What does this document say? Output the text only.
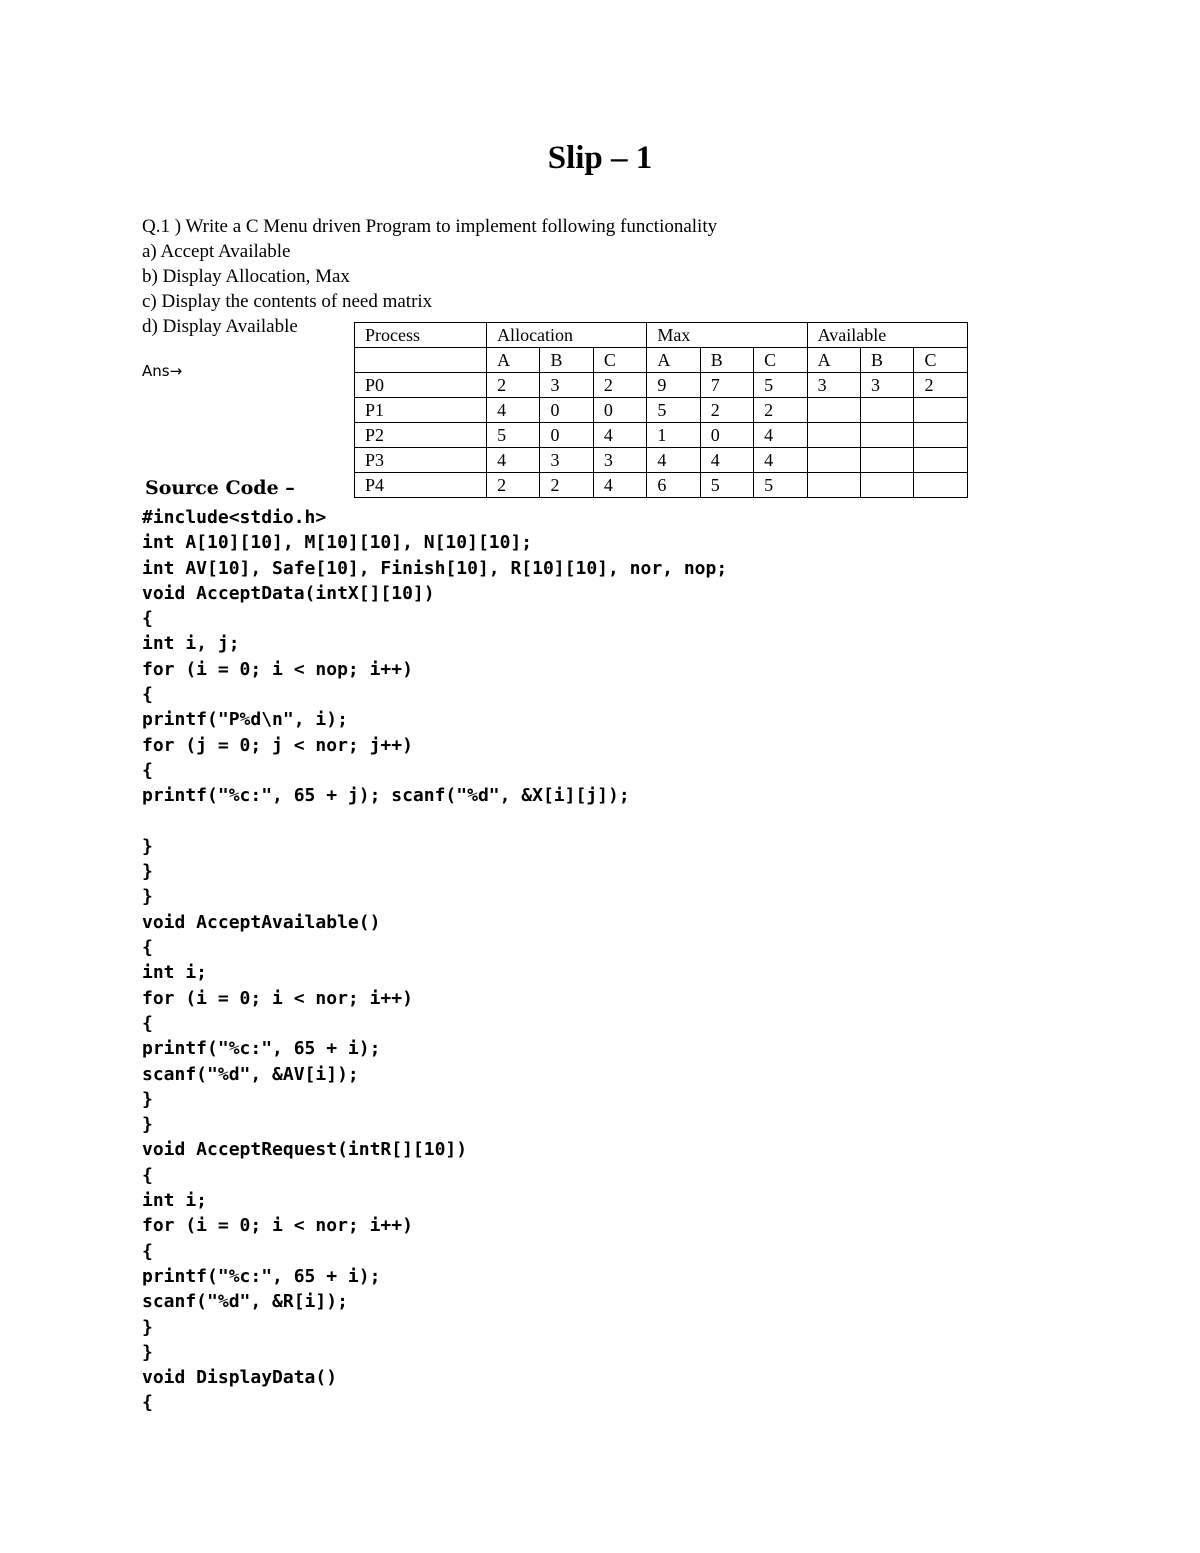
Slip – 1
Q.1 ) Write a C Menu driven Program to implement following functionality
a) Accept Available
b) Display Allocation, Max
c) Display the contents of need matrix
d) Display Available
Ans→
Process	Allocation			Max			Available		
	A	B	C	A	B	C	A	B	C
P0	2	3	2	9	7	5	3	3	2
P1	4	0	0	5	2	2			
P2	5	0	4	1	0	4			
P3	4	3	3	4	4	4			
P4	2	2	4	6	5	5			
Source Code –
#include<stdio.h>
int A[10][10], M[10][10], N[10][10];
int AV[10], Safe[10], Finish[10], R[10][10], nor, nop;
void AcceptData(intX[][10])
{
int i, j;
for (i = 0; i < nop; i++)
{
printf("P%d\n", i);
for (j = 0; j < nor; j++)
{
printf("%c:", 65 + j); scanf("%d", &X[i][j]);
}
}
}
void AcceptAvailable()
{
int i;
for (i = 0; i < nor; i++)
{
printf("%c:", 65 + i);
scanf("%d", &AV[i]);
}
}
void AcceptRequest(intR[][10])
{
int i;
for (i = 0; i < nor; i++)
{
printf("%c:", 65 + i);
scanf("%d", &R[i]);
}
}
void DisplayData()
{
